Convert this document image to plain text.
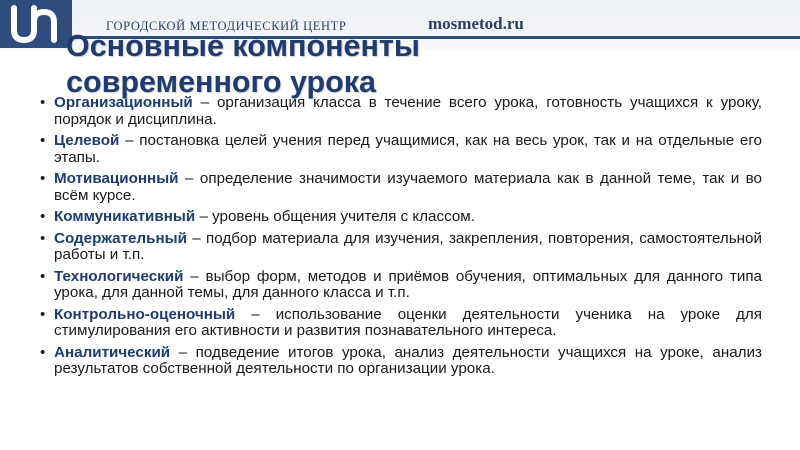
ГОРОДСКОЙ МЕТОДИЧЕСКИЙ ЦЕНТР	mosmetod.ru
Основные компоненты
современного урока
• Организационный – организация класса в течение всего урока, готовность учащихся к уроку, порядок и дисциплина.
• Целевой – постановка целей учения перед учащимися, как на весь урок, так и на отдельные его этапы.
• Мотивационный – определение значимости изучаемого материала как в данной теме, так и во всём курсе.
• Коммуникативный – уровень общения учителя с классом.
• Содержательный – подбор материала для изучения, закрепления, повторения, самостоятельной работы и т.п.
• Технологический – выбор форм, методов и приёмов обучения, оптимальных для данного типа урока, для данной темы, для данного класса и т.п.
• Контрольно-оценочный – использование оценки деятельности ученика на уроке для стимулирования его активности и развития познавательного интереса.
• Аналитический – подведение итогов урока, анализ деятельности учащихся на уроке, анализ результатов собственной деятельности по организации урока.
